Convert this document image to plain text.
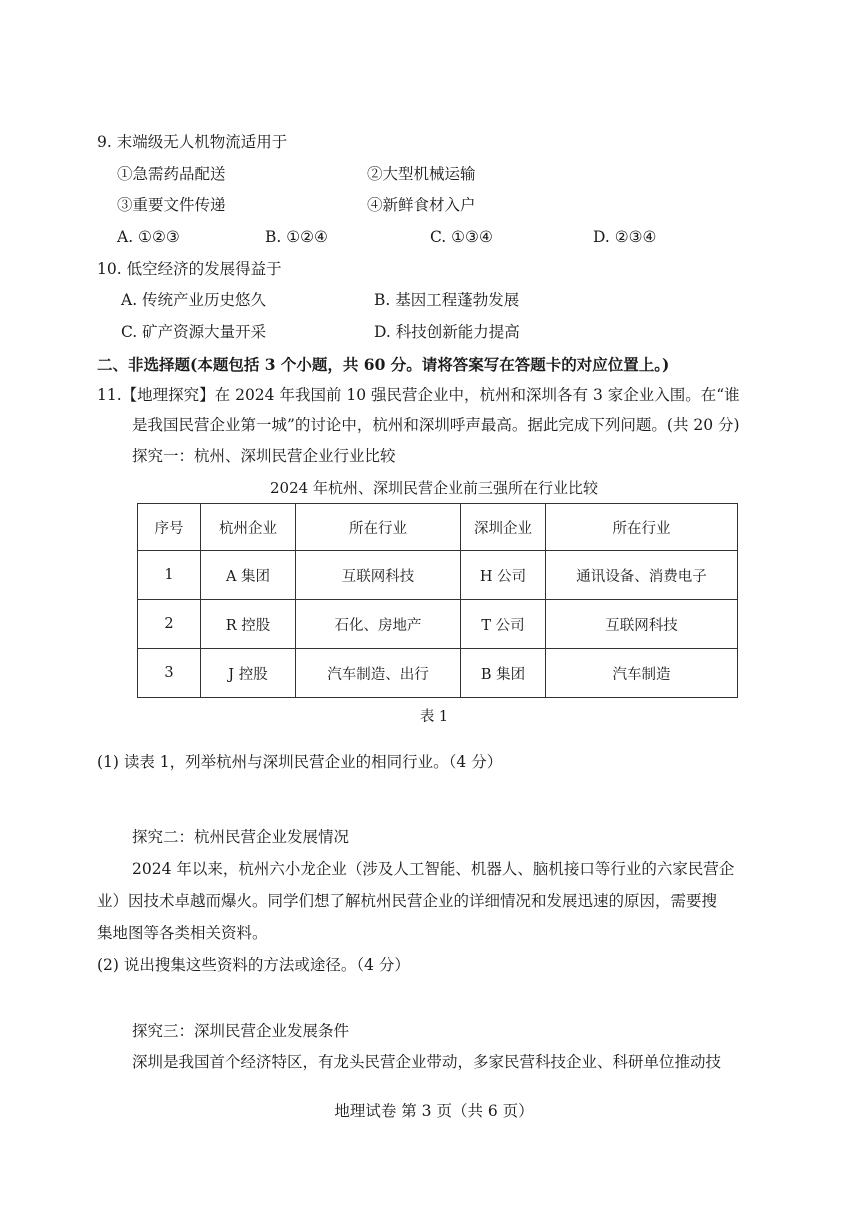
9. 末端级无人机物流适用于
①急需药品配送	②大型机械运输
③重要文件传递	④新鲜食材入户
A. ①②③	B. ①②④	C. ①③④	D. ②③④
10. 低空经济的发展得益于
A. 传统产业历史悠久	B. 基因工程蓬勃发展
C. 矿产资源大量开采	D. 科技创新能力提高
二、非选择题(本题包括 3 个小题，共 60 分。请将答案写在答题卡的对应位置上。)
11.【地理探究】在 2024 年我国前 10 强民营企业中，杭州和深圳各有 3 家企业入围。在“谁
是我国民营企业第一城”的讨论中，杭州和深圳呼声最高。据此完成下列问题。(共 20 分)
探究一：杭州、深圳民营企业行业比较
2024 年杭州、深圳民营企业前三强所在行业比较
序号	杭州企业	所在行业	深圳企业	所在行业
1	A 集团	互联网科技	H 公司	通讯设备、消费电子
2	R 控股	石化、房地产	T 公司	互联网科技
3	J 控股	汽车制造、出行	B 集团	汽车制造
表 1
(1) 读表 1，列举杭州与深圳民营企业的相同行业。（4 分）
探究二：杭州民营企业发展情况
2024 年以来，杭州六小龙企业（涉及人工智能、机器人、脑机接口等行业的六家民营企
业）因技术卓越而爆火。同学们想了解杭州民营企业的详细情况和发展迅速的原因，需要搜
集地图等各类相关资料。
(2) 说出搜集这些资料的方法或途径。（4 分）
探究三：深圳民营企业发展条件
深圳是我国首个经济特区，有龙头民营企业带动，多家民营科技企业、科研单位推动技
地理试卷 第 3 页（共 6 页）
